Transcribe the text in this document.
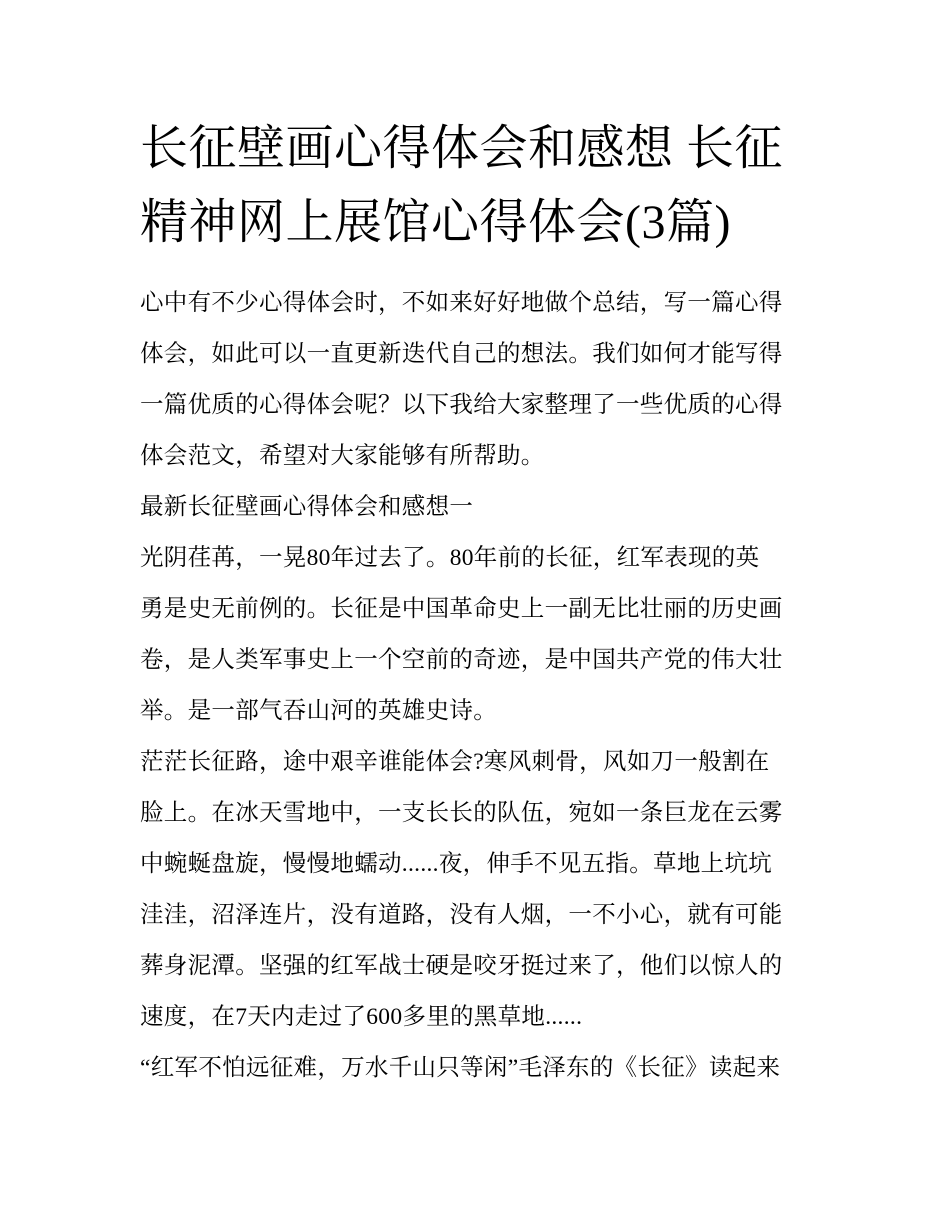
长征壁画心得体会和感想 长征
精神网上展馆心得体会(3篇)

心中有不少心得体会时，不如来好好地做个总结，写一篇心得
体会，如此可以一直更新迭代自己的想法。我们如何才能写得
一篇优质的心得体会呢？以下我给大家整理了一些优质的心得
体会范文，希望对大家能够有所帮助。

最新长征壁画心得体会和感想一

光阴荏苒，一晃80年过去了。80年前的长征，红军表现的英
勇是史无前例的。长征是中国革命史上一副无比壮丽的历史画
卷，是人类军事史上一个空前的奇迹，是中国共产党的伟大壮
举。是一部气吞山河的英雄史诗。

茫茫长征路，途中艰辛谁能体会?寒风刺骨，风如刀一般割在
脸上。在冰天雪地中，一支长长的队伍，宛如一条巨龙在云雾
中蜿蜒盘旋，慢慢地蠕动......夜，伸手不见五指。草地上坑坑
洼洼，沼泽连片，没有道路，没有人烟，一不小心，就有可能
葬身泥潭。坚强的红军战士硬是咬牙挺过来了，他们以惊人的
速度，在7天内走过了600多里的黑草地......

“红军不怕远征难，万水千山只等闲”毛泽东的《长征》读起来
